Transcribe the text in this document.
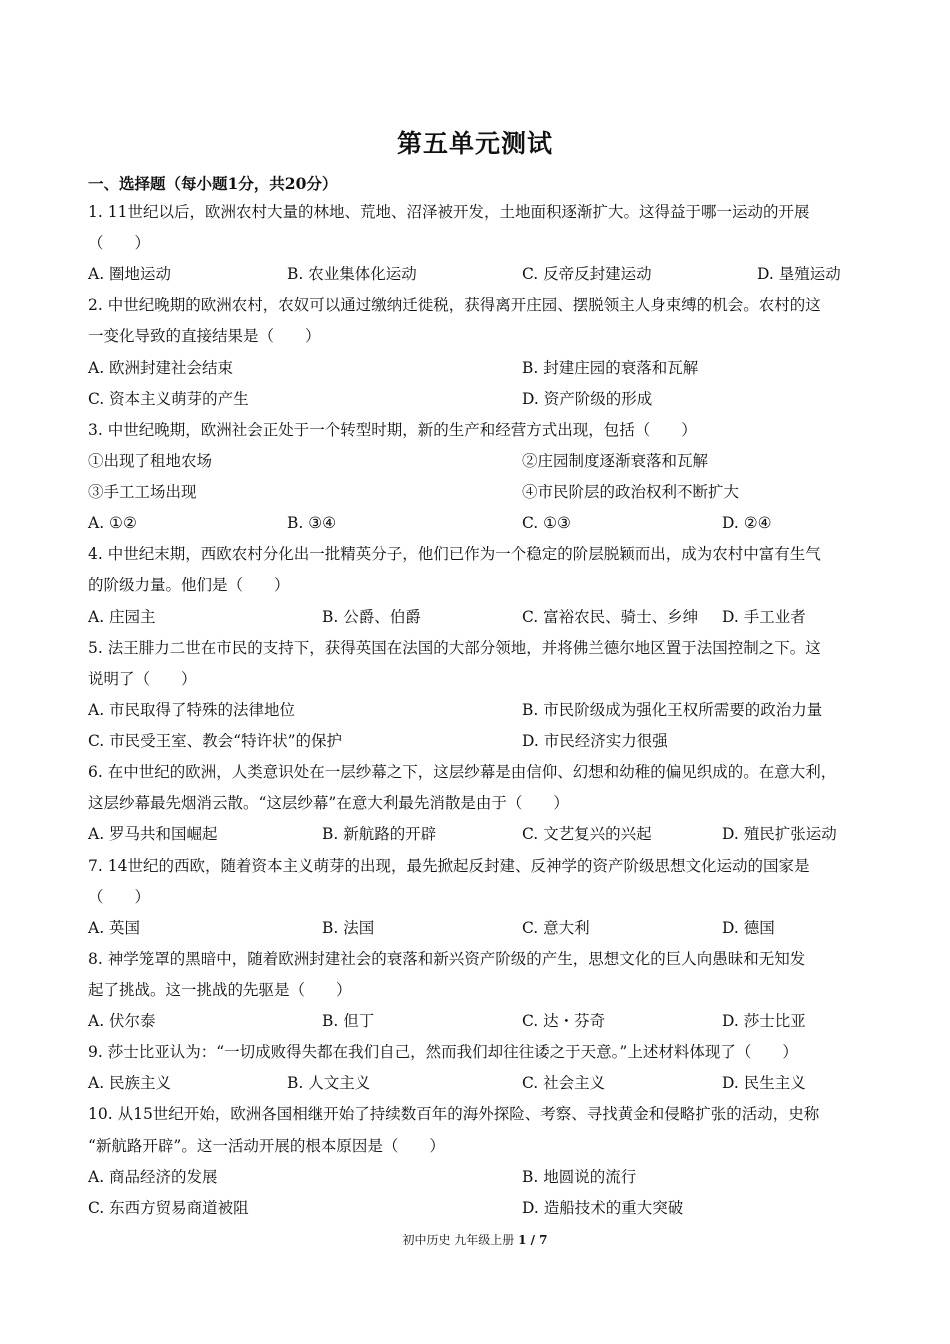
第五单元测试
一、选择题（每小题1分，共20分）
1. 11世纪以后，欧洲农村大量的林地、荒地、沼泽被开发，土地面积逐渐扩大。这得益于哪一运动的开展
（　　）
A. 圈地运动	B. 农业集体化运动	C. 反帝反封建运动	D. 垦殖运动
2. 中世纪晚期的欧洲农村，农奴可以通过缴纳迁徙税，获得离开庄园、摆脱领主人身束缚的机会。农村的这
一变化导致的直接结果是（　　）
A. 欧洲封建社会结束	B. 封建庄园的衰落和瓦解
C. 资本主义萌芽的产生	D. 资产阶级的形成
3. 中世纪晚期，欧洲社会正处于一个转型时期，新的生产和经营方式出现，包括（　　）
①出现了租地农场	②庄园制度逐渐衰落和瓦解
③手工工场出现	④市民阶层的政治权利不断扩大
A. ①②	B. ③④	C. ①③	D. ②④
4. 中世纪末期，西欧农村分化出一批精英分子，他们已作为一个稳定的阶层脱颖而出，成为农村中富有生气
的阶级力量。他们是（　　）
A. 庄园主	B. 公爵、伯爵	C. 富裕农民、骑士、乡绅 D. 手工业者
5. 法王腓力二世在市民的支持下，获得英国在法国的大部分领地，并将佛兰德尔地区置于法国控制之下。这
说明了（　　）
A. 市民取得了特殊的法律地位	B. 市民阶级成为强化王权所需要的政治力量
C. 市民受王室、教会“特许状”的保护	D. 市民经济实力很强
6. 在中世纪的欧洲，人类意识处在一层纱幕之下，这层纱幕是由信仰、幻想和幼稚的偏见织成的。在意大利，
这层纱幕最先烟消云散。“这层纱幕”在意大利最先消散是由于（　　）
A. 罗马共和国崛起	B. 新航路的开辟	C. 文艺复兴的兴起	D. 殖民扩张运动
7. 14世纪的西欧，随着资本主义萌芽的出现，最先掀起反封建、反神学的资产阶级思想文化运动的国家是
（　　）
A. 英国	B. 法国	C. 意大利	D. 德国
8. 神学笼罩的黑暗中，随着欧洲封建社会的衰落和新兴资产阶级的产生，思想文化的巨人向愚昧和无知发
起了挑战。这一挑战的先驱是（　　）
A. 伏尔泰	B. 但丁	C. 达・芬奇	D. 莎士比亚
9. 莎士比亚认为：“一切成败得失都在我们自己，然而我们却往往诿之于天意。”上述材料体现了（　　）
A. 民族主义	B. 人文主义	C. 社会主义	D. 民生主义
10. 从15世纪开始，欧洲各国相继开始了持续数百年的海外探险、考察、寻找黄金和侵略扩张的活动，史称
“新航路开辟”。这一活动开展的根本原因是（　　）
A. 商品经济的发展	B. 地圆说的流行
C. 东西方贸易商道被阻	D. 造船技术的重大突破
初中历史 九年级上册 1 / 7
